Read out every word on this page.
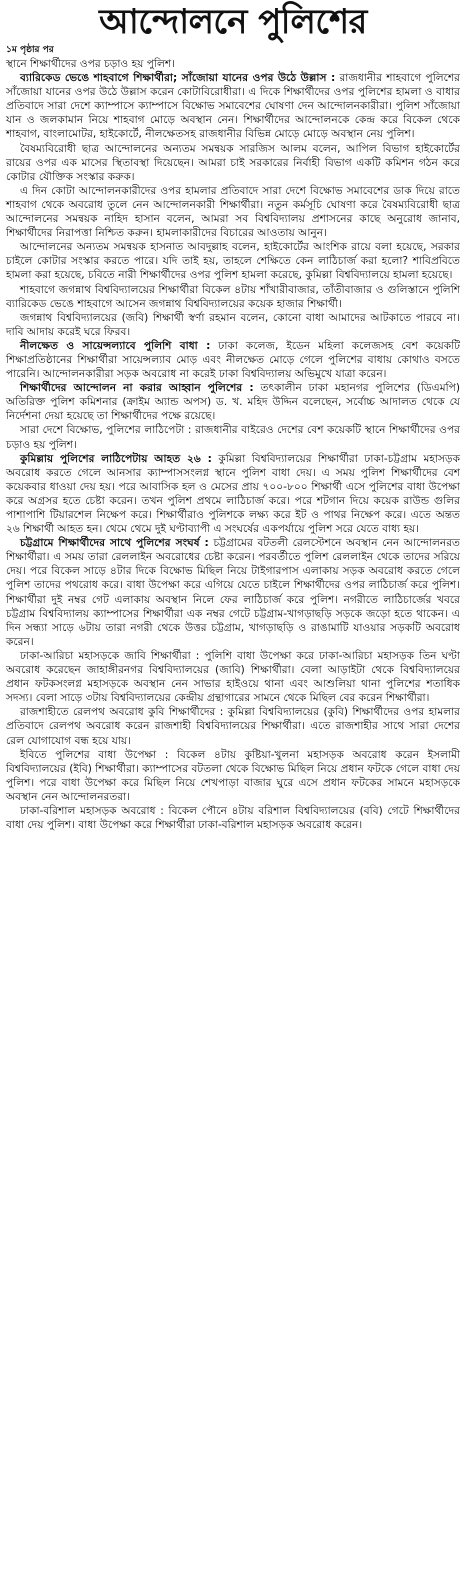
আন্দোলনে পুলিশের
১ম পৃষ্ঠার পর

স্থানে শিক্ষার্থীদের ওপর চড়াও হয় পুলিশ।

ব্যারিকেড ভেঙে শাহবাগে শিক্ষার্থীরা; সাঁজোয়া যানের ওপর উঠে উল্লাস : রাজধানীর শাহবাগে পুলিশের সাঁজোয়া যানের ওপর উঠে উল্লাস করেন কোটাবিরোধীরা। এ দিকে শিক্ষার্থীদের ওপর পুলিশের হামলা ও বাধার প্রতিবাদে সারা দেশে ক্যাম্পাসে ক্যাম্পাসে বিক্ষোভ সমাবেশের ঘোষণা দেন আন্দোলনকারীরা। পুলিশ সাঁজোয়া যান ও জলকামান নিয়ে শাহবাগ মোড়ে অবস্থান নেন। শিক্ষার্থীদের আন্দোলনকে কেন্দ্র করে বিকেল থেকে শাহবাগ, বাংলামোটর, হাইকোর্টে, নীলক্ষেতসহ রাজধানীর বিভিন্ন মোড়ে মোড়ে অবস্থান নেয় পুলিশ।

বৈষম্যবিরোধী ছাত্র আন্দোলনের অন্যতম সমন্বয়ক সারজিস আলম বলেন, আপিল বিভাগ হাইকোর্টের রায়ের ওপর এক মাসের স্থিতাবস্থা দিয়েছেন। আমরা চাই সরকারের নির্বাহী বিভাগ একটি কমিশন গঠন করে কোটার যৌক্তিক সংস্কার করুক।

এ দিন কোটা আন্দোলনকারীদের ওপর হামলার প্রতিবাদে সারা দেশে বিক্ষোভ সমাবেশের ডাক দিয়ে রাতে শাহবাগ থেকে অবরোধ তুলে নেন আন্দোলনকারী শিক্ষার্থীরা। নতুন কর্মসূচি ঘোষণা করে বৈষম্যবিরোধী ছাত্র আন্দোলনের সমন্বয়ক নাহিদ হাসান বলেন, আমরা সব বিশ্ববিদ্যালয় প্রশাসনের কাছে অনুরোধ জানাব, শিক্ষার্থীদের নিরাপত্তা নিশ্চিত করুন। হামলাকারীদের বিচারের আওতায় আনুন।

আন্দোলনের অন্যতম সমন্বয়ক হাসনাত আবদুল্লাহ বলেন, হাইকোর্টের আংশিক রায়ে বলা হয়েছে, সরকার চাইলে কোটার সংস্কার করতে পারে। যদি তাই হয়, তাহলে শেক্ষিতে কেন লাঠিচার্জ করা হলো? শাবিপ্রবিতে হামলা করা হয়েছে, চবিতে নারী শিক্ষার্থীদের ওপর পুলিশ হামলা করেছে, কুমিল্লা বিশ্ববিদ্যালয়ে হামলা হয়েছে।

শাহবাগে জগন্নাথ বিশ্ববিদ্যালয়ের শিক্ষার্থীরা বিকেল ৪টায় শাঁখারীবাজার, তাঁতীবাজার ও গুলিস্তানে পুলিশি ব্যারিকেড ভেঙে শাহবাগে আসেন জগন্নাথ বিশ্ববিদ্যালয়ের কয়েক হাজার শিক্ষার্থী।

জগন্নাথ বিশ্ববিদ্যালয়ের (জবি) শিক্ষার্থী স্বর্ণা রহমান বলেন, কোনো বাধা আমাদের আটকাতে পারবে না। দাবি আদায় করেই ঘরে ফিরব।

নীলক্ষেত ও সায়েন্সল্যাবে পুলিশি বাধা : ঢাকা কলেজ, ইডেন মহিলা কলেজসহ বেশ কয়েকটি শিক্ষাপ্রতিষ্ঠানের শিক্ষার্থীরা সায়েন্সল্যাব মোড় এবং নীলক্ষেত মোড়ে গেলে পুলিশের বাধায় কোথাও বসতে পারেনি। আন্দোলনকারীরা সড়ক অবরোধ না করেই ঢাকা বিশ্ববিদ্যালয় অভিমুখে যাত্রা করেন।

শিক্ষার্থীদের আন্দোলন না করার আহ্বান পুলিশের : তৎকালীন ঢাকা মহানগর পুলিশের (ডিএমপি) অতিরিক্ত পুলিশ কমিশনার (ক্রাইম অ্যান্ড অপস) ড. খ. মহিদ উদ্দিন বলেছেন, সর্বোচ্চ আদালত থেকে যে নির্দেশনা দেয়া হয়েছে তা শিক্ষার্থীদের পক্ষে রয়েছে।

সারা দেশে বিক্ষোভ, পুলিশের লাঠিপেটা : রাজধানীর বাইরেও দেশের বেশ কয়েকটি স্থানে শিক্ষার্থীদের ওপর চড়াও হয় পুলিশ।

কুমিল্লায় পুলিশের লাঠিপেটায় আহত ২৬ : কুমিল্লা বিশ্ববিদ্যালয়ের শিক্ষার্থীরা ঢাকা-চট্টগ্রাম মহাসড়ক অবরোধ করতে গেলে আনসার ক্যাম্পাসসংলগ্ন স্থানে পুলিশ বাধা দেয়। এ সময় পুলিশ শিক্ষার্থীদের বেশ কয়েকবার ধাওয়া দেয় হয়। পরে আবাসিক হল ও মেসের প্রায় ৭০০-৮০০ শিক্ষার্থী এসে পুলিশের বাধা উপেক্ষা করে অগ্রসর হতে চেষ্টা করেন। তখন পুলিশ প্রথমে লাঠিচার্জ করে। পরে শটগান দিয়ে কয়েক রাউন্ড গুলির পাশাপাশি টিয়ারশেল নিক্ষেপ করে। শিক্ষার্থীরাও পুলিশকে লক্ষ্য করে ইট ও পাথর নিক্ষেপ করে। এতে অন্তত ২৬ শিক্ষার্থী আহত হন। থেমে থেমে দুই ঘণ্টাব্যাপী এ সংঘর্ষের একপর্যায়ে পুলিশ সরে যেতে বাধ্য হয়।

চট্টগ্রামে শিক্ষার্থীদের সাথে পুলিশের সংঘর্ষ : চট্টগ্রামের বটতলী রেলস্টেশনে অবস্থান নেন আন্দোলনরত শিক্ষার্থীরা। এ সময় তারা রেললাইন অবরোধের চেষ্টা করেন। পরবর্তীতে পুলিশ রেললাইন থেকে তাদের সরিয়ে দেয়। পরে বিকেল সাড়ে ৪টার দিকে বিক্ষোভ মিছিল নিয়ে টাইগারপাস এলাকায় সড়ক অবরোধ করতে গেলে পুলিশ তাদের পথরোধ করে। বাধা উপেক্ষা করে এগিয়ে যেতে চাইলে শিক্ষার্থীদের ওপর লাঠিচার্জ করে পুলিশ। শিক্ষার্থীরা দুই নম্বর গেট এলাকায় অবস্থান নিলে ফের লাঠিচার্জ করে পুলিশ। নগরীতে লাঠিচার্জের খবরে চট্টগ্রাম বিশ্ববিদ্যালয় ক্যাম্পাসের শিক্ষার্থীরা এক নম্বর গেটে চট্টগ্রাম-খাগড়াছড়ি সড়কে জড়ো হতে থাকেন। এ দিন সন্ধ্যা সাড়ে ৬টায় তারা নগরী থেকে উত্তর চট্টগ্রাম, খাগড়াছড়ি ও রাঙামাটি যাওয়ার সড়কটি অবরোধ করেন।

ঢাকা-আরিচা মহাসড়কে জাবি শিক্ষার্থীরা : পুলিশি বাধা উপেক্ষা করে ঢাকা-আরিচা মহাসড়ক তিন ঘণ্টা অবরোধ করেছেন জাহাঙ্গীরনগর বিশ্ববিদ্যালয়ের (জাবি) শিক্ষার্থীরা। বেলা আড়াইটা থেকে বিশ্ববিদ্যালয়ের প্রধান ফটকসংলগ্ন মহাসড়কে অবস্থান নেন সাভার হাইওয়ে থানা এবং আশুলিয়া থানা পুলিশের শতাধিক সদস্য। বেলা সাড়ে ৩টায় বিশ্ববিদ্যালয়ের কেন্দ্রীয় গ্রন্থাগারের সামনে থেকে মিছিল বের করেন শিক্ষার্থীরা।

রাজশাহীতে রেলপথ অবরোধ কুবি শিক্ষার্থীদের : কুমিল্লা বিশ্ববিদ্যালয়ের (কুবি) শিক্ষার্থীদের ওপর হামলার প্রতিবাদে রেলপথ অবরোধ করেন রাজশাহী বিশ্ববিদ্যালয়ের শিক্ষার্থীরা। এতে রাজশাহীর সাথে সারা দেশের রেল যোগাযোগ বন্ধ হয়ে যায়।

ইবিতে পুলিশের বাধা উপেক্ষা : বিকেল ৪টায় কুষ্টিয়া-খুলনা মহাসড়ক অবরোধ করেন ইসলামী বিশ্ববিদ্যালয়ের (ইবি) শিক্ষার্থীরা। ক্যাম্পাসের বটতলা থেকে বিক্ষোভ মিছিল নিয়ে প্রধান ফটকে গেলে বাধা দেয় পুলিশ। পরে বাধা উপেক্ষা করে মিছিল নিয়ে শেখপাড়া বাজার ঘুরে এসে প্রধান ফটকের সামনে মহাসড়কে অবস্থান নেন আন্দোলনরতরা।

ঢাকা-বরিশাল মহাসড়ক অবরোধ : বিকেল পৌনে ৪টায় বরিশাল বিশ্ববিদ্যালয়ের (ববি) গেটে শিক্ষার্থীদের বাধা দেয় পুলিশ। বাধা উপেক্ষা করে শিক্ষার্থীরা ঢাকা-বরিশাল মহাসড়ক অবরোধ করেন।
